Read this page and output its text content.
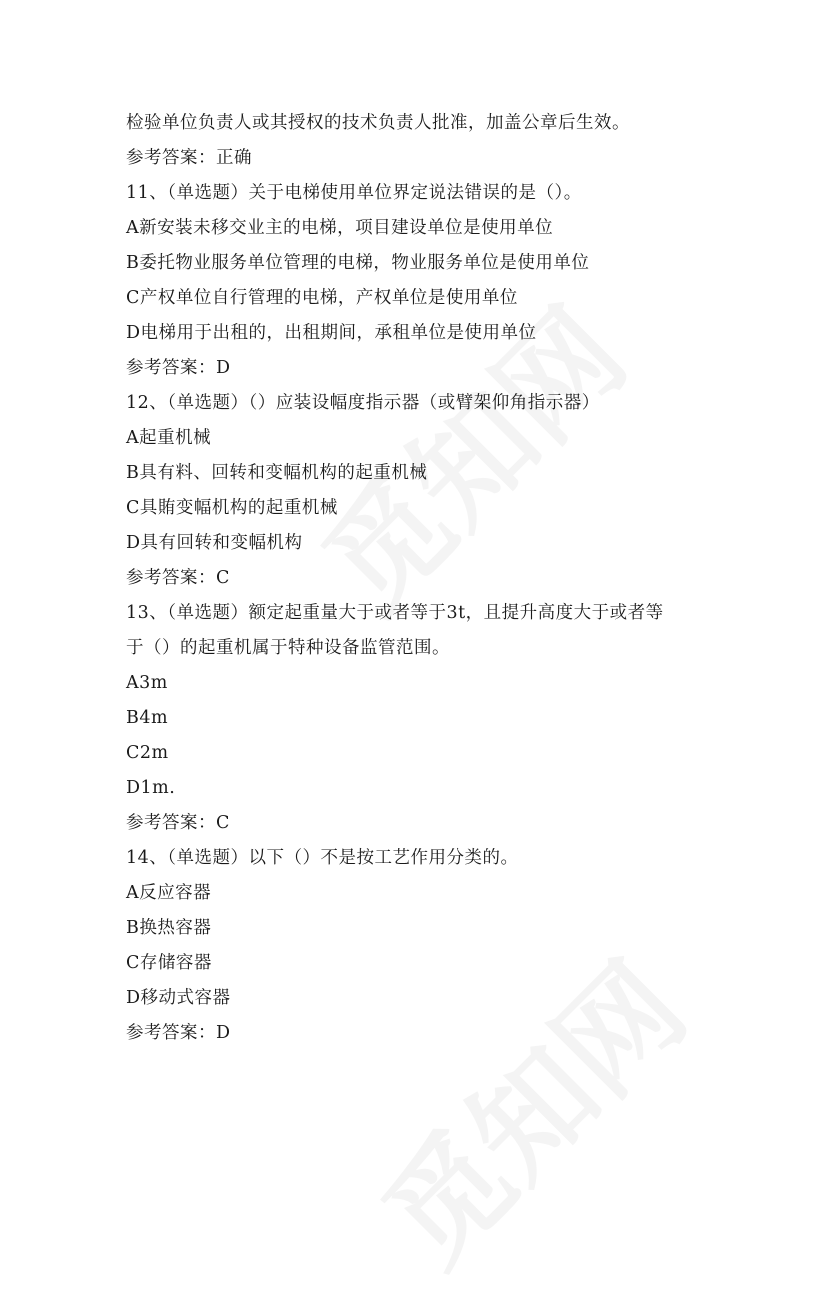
检验单位负责人或其授权的技术负责人批准，加盖公章后生效。
参考答案：正确
11、（单选题）关于电梯使用单位界定说法错误的是（）。
A新安装未移交业主的电梯，项目建设单位是使用单位
B委托物业服务单位管理的电梯，物业服务单位是使用单位
C产权单位自行管理的电梯，产权单位是使用单位
D电梯用于出租的，出租期间，承租单位是使用单位
参考答案：D
12、（单选题）（）应装设幅度指示器（或臂架仰角指示器）
A起重机械
B具有料、回转和变幅机构的起重机械
C具賄变幅机构的起重机械
D具有回转和变幅机构
参考答案：C
13、（单选题）额定起重量大于或者等于3t，且提升高度大于或者等
于（）的起重机属于特种设备监管范围。
A3m
B4m
C2m
D1m.
参考答案：C
14、（单选题）以下（）不是按工艺作用分类的。
A反应容器
B换热容器
C存储容器
D移动式容器
参考答案：D
